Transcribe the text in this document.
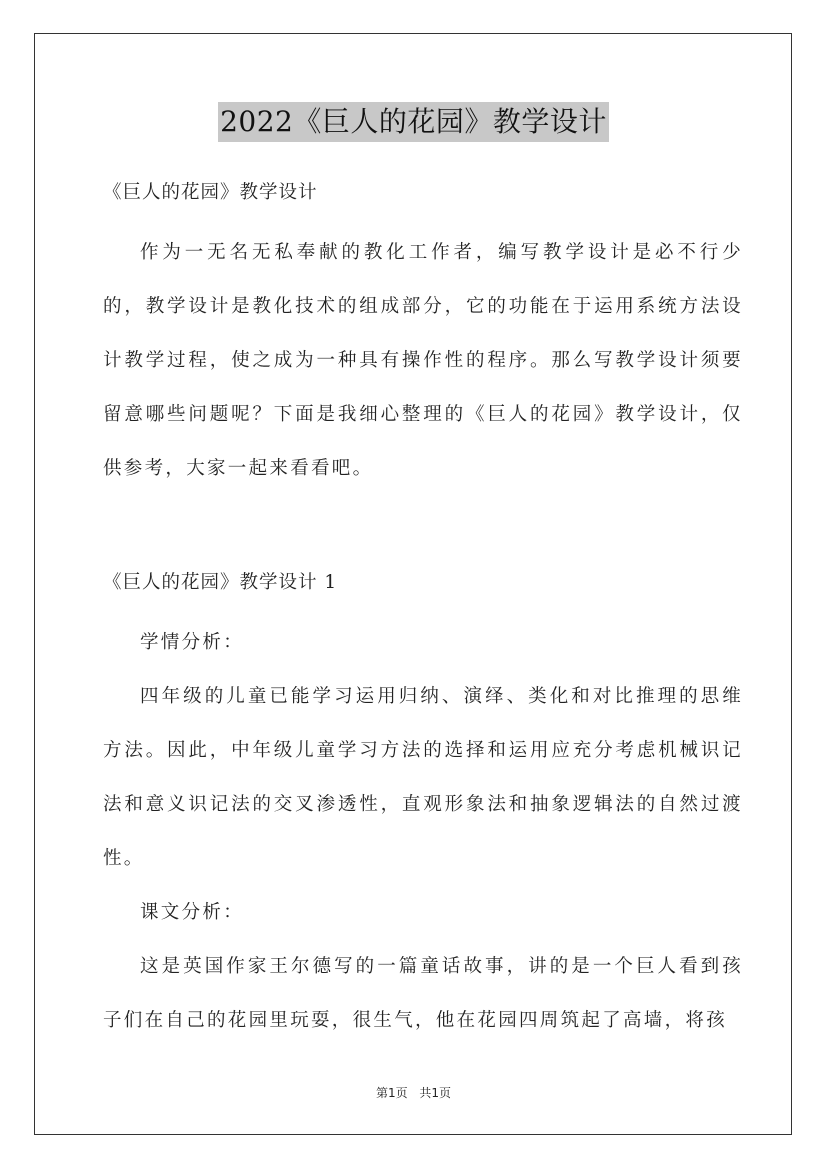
2022《巨人的花园》教学设计

《巨人的花园》教学设计

作为一无名无私奉献的教化工作者，编写教学设计是必不行少的，教学设计是教化技术的组成部分，它的功能在于运用系统方法设计教学过程，使之成为一种具有操作性的程序。那么写教学设计须要留意哪些问题呢？下面是我细心整理的《巨人的花园》教学设计，仅供参考，大家一起来看看吧。

《巨人的花园》教学设计 1

学情分析：

四年级的儿童已能学习运用归纳、演绎、类化和对比推理的思维方法。因此，中年级儿童学习方法的选择和运用应充分考虑机械识记法和意义识记法的交叉渗透性，直观形象法和抽象逻辑法的自然过渡性。

课文分析：

这是英国作家王尔德写的一篇童话故事，讲的是一个巨人看到孩子们在自己的花园里玩耍，很生气，他在花园四周筑起了高墙，将孩

第1页 共1页
